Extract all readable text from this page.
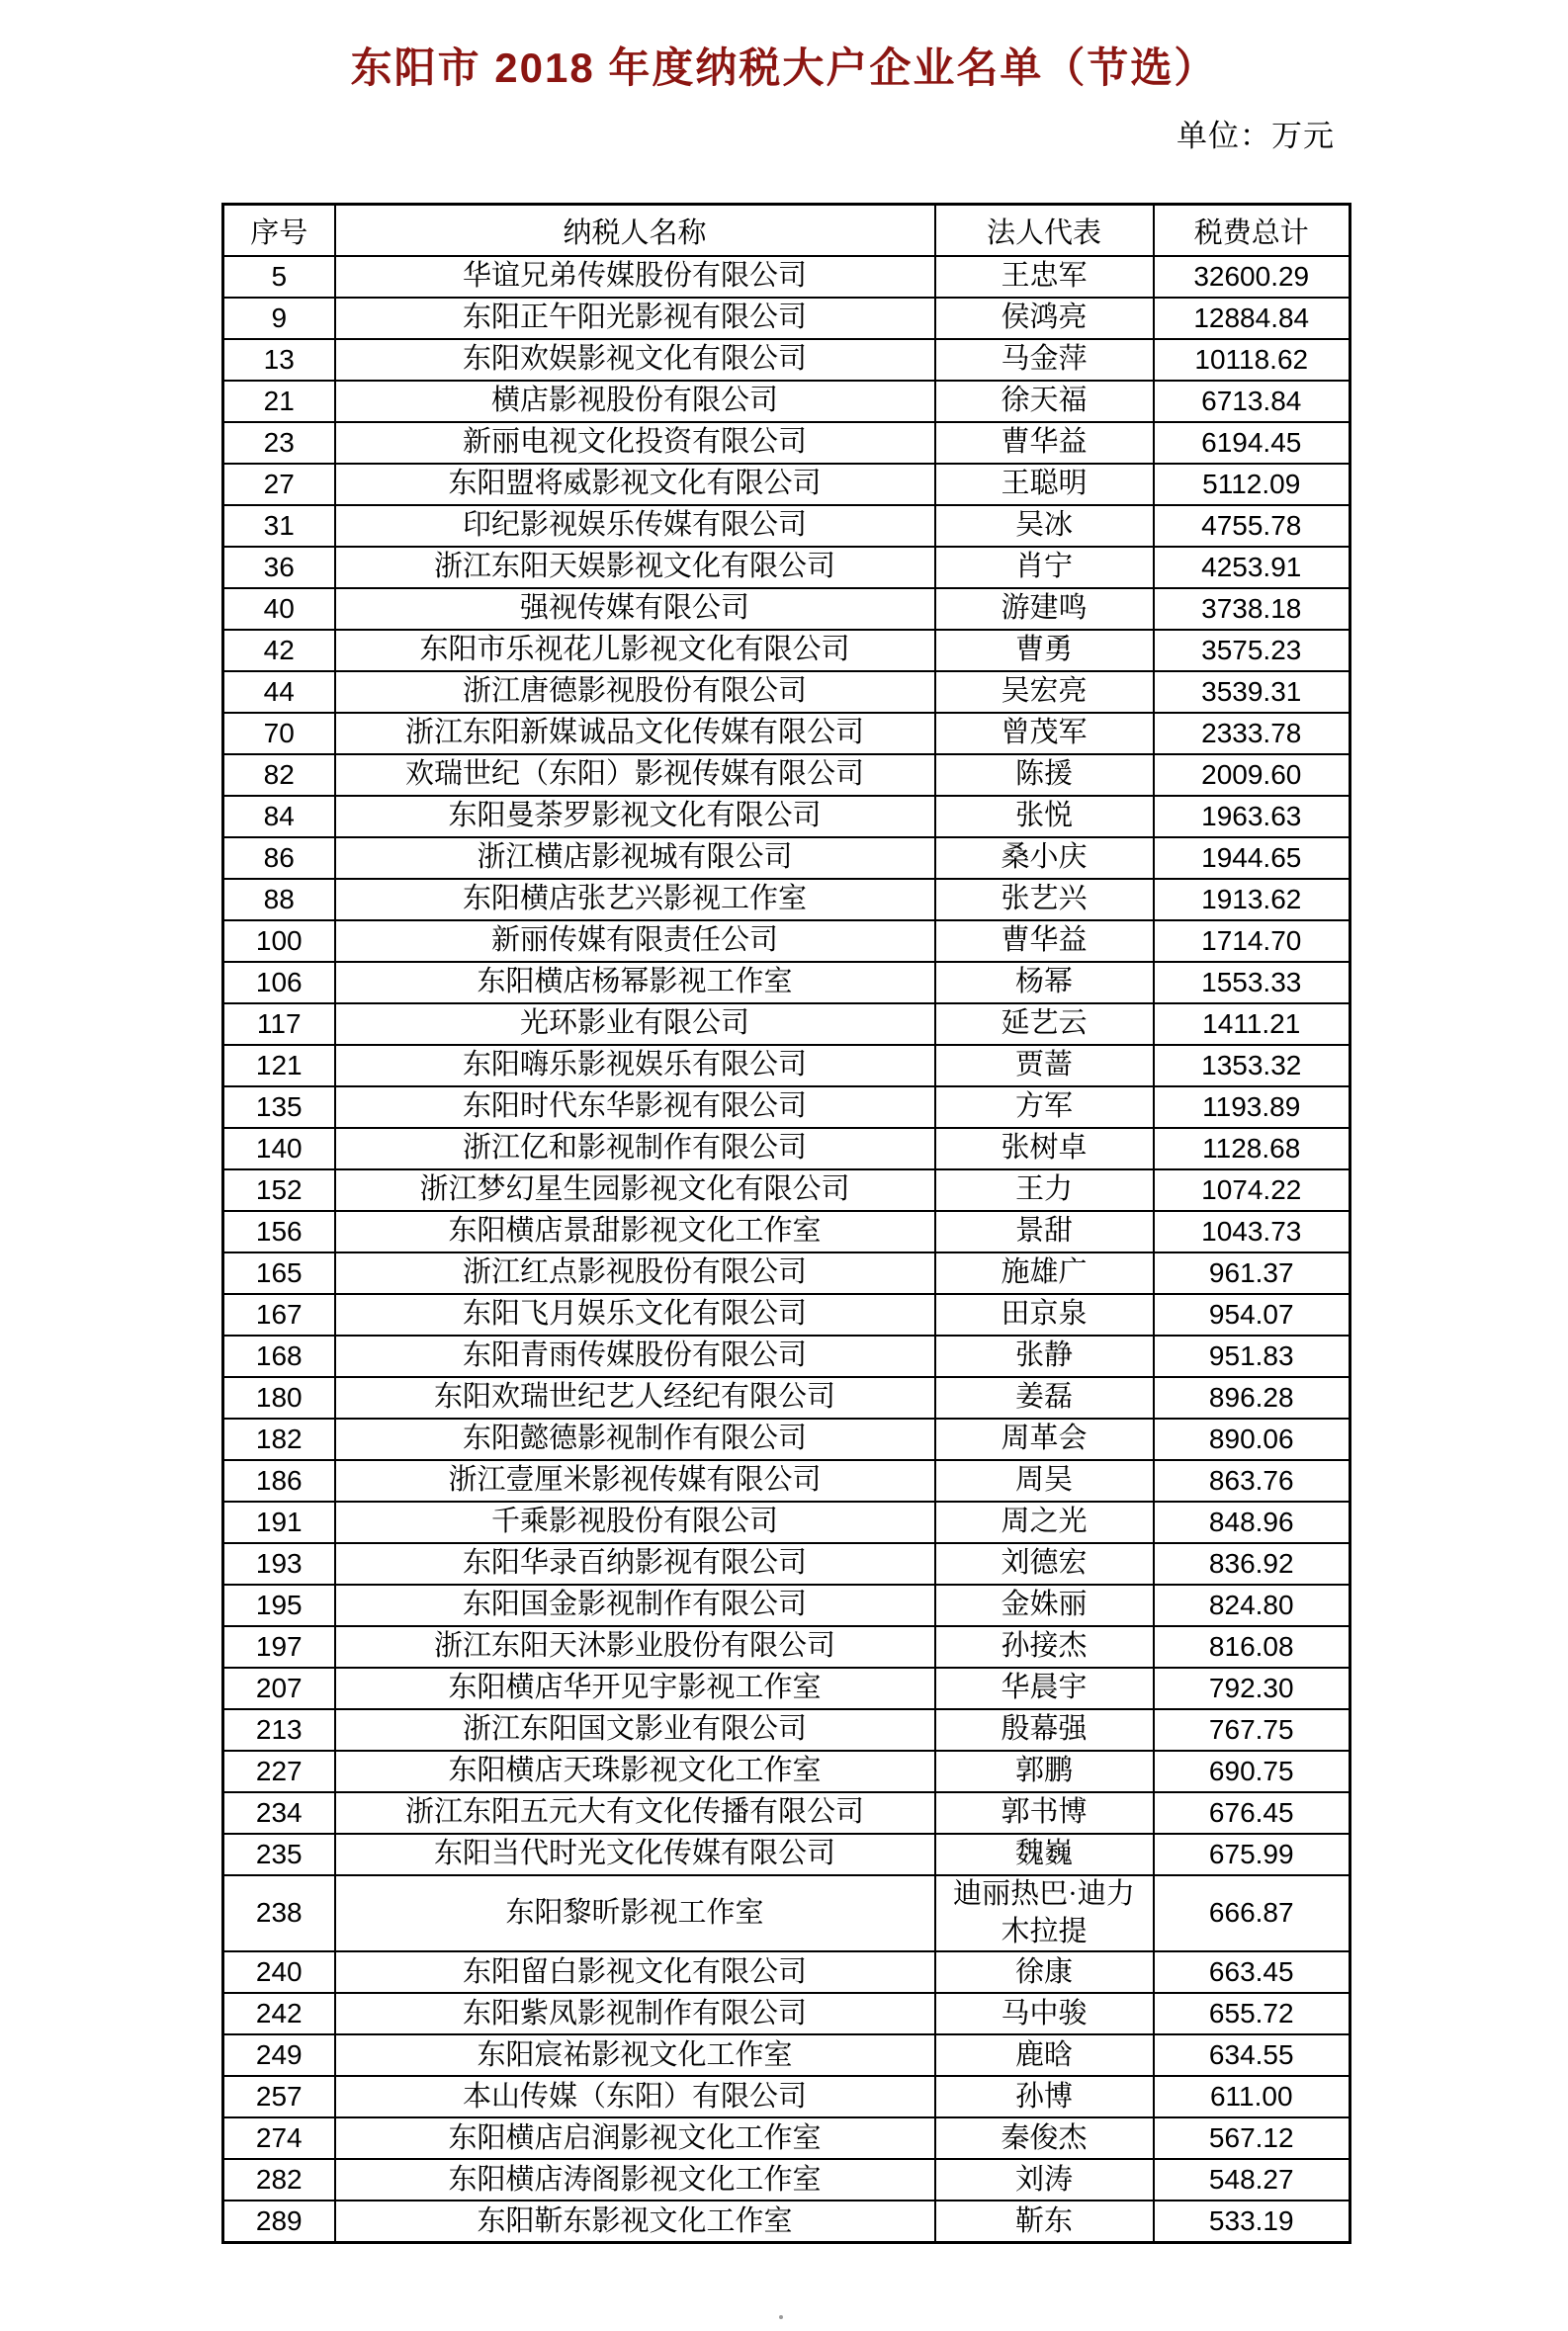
东阳市 2018 年度纳税大户企业名单（节选）
单位：万元
序号	纳税人名称	法人代表	税费总计
5	华谊兄弟传媒股份有限公司	王忠军	32600.29
9	东阳正午阳光影视有限公司	侯鸿亮	12884.84
13	东阳欢娱影视文化有限公司	马金萍	10118.62
21	横店影视股份有限公司	徐天福	6713.84
23	新丽电视文化投资有限公司	曹华益	6194.45
27	东阳盟将威影视文化有限公司	王聪明	5112.09
31	印纪影视娱乐传媒有限公司	吴冰	4755.78
36	浙江东阳天娱影视文化有限公司	肖宁	4253.91
40	强视传媒有限公司	游建鸣	3738.18
42	东阳市乐视花儿影视文化有限公司	曹勇	3575.23
44	浙江唐德影视股份有限公司	吴宏亮	3539.31
70	浙江东阳新媒诚品文化传媒有限公司	曾茂军	2333.78
82	欢瑞世纪（东阳）影视传媒有限公司	陈援	2009.60
84	东阳曼荼罗影视文化有限公司	张悦	1963.63
86	浙江横店影视城有限公司	桑小庆	1944.65
88	东阳横店张艺兴影视工作室	张艺兴	1913.62
100	新丽传媒有限责任公司	曹华益	1714.70
106	东阳横店杨幂影视工作室	杨幂	1553.33
117	光环影业有限公司	延艺云	1411.21
121	东阳嗨乐影视娱乐有限公司	贾蔷	1353.32
135	东阳时代东华影视有限公司	方军	1193.89
140	浙江亿和影视制作有限公司	张树卓	1128.68
152	浙江梦幻星生园影视文化有限公司	王力	1074.22
156	东阳横店景甜影视文化工作室	景甜	1043.73
165	浙江红点影视股份有限公司	施雄广	961.37
167	东阳飞月娱乐文化有限公司	田京泉	954.07
168	东阳青雨传媒股份有限公司	张静	951.83
180	东阳欢瑞世纪艺人经纪有限公司	姜磊	896.28
182	东阳懿德影视制作有限公司	周革会	890.06
186	浙江壹厘米影视传媒有限公司	周吴	863.76
191	千乘影视股份有限公司	周之光	848.96
193	东阳华录百纳影视有限公司	刘德宏	836.92
195	东阳国金影视制作有限公司	金姝丽	824.80
197	浙江东阳天沐影业股份有限公司	孙接杰	816.08
207	东阳横店华开见宇影视工作室	华晨宇	792.30
213	浙江东阳国文影业有限公司	殷幕强	767.75
227	东阳横店天珠影视文化工作室	郭鹏	690.75
234	浙江东阳五元大有文化传播有限公司	郭书博	676.45
235	东阳当代时光文化传媒有限公司	魏巍	675.99
238	东阳黎昕影视工作室	迪丽热巴·迪力木拉提	666.87
240	东阳留白影视文化有限公司	徐康	663.45
242	东阳紫凤影视制作有限公司	马中骏	655.72
249	东阳宸祐影视文化工作室	鹿晗	634.55
257	本山传媒（东阳）有限公司	孙博	611.00
274	东阳横店启润影视文化工作室	秦俊杰	567.12
282	东阳横店涛阁影视文化工作室	刘涛	548.27
289	东阳靳东影视文化工作室	靳东	533.19
